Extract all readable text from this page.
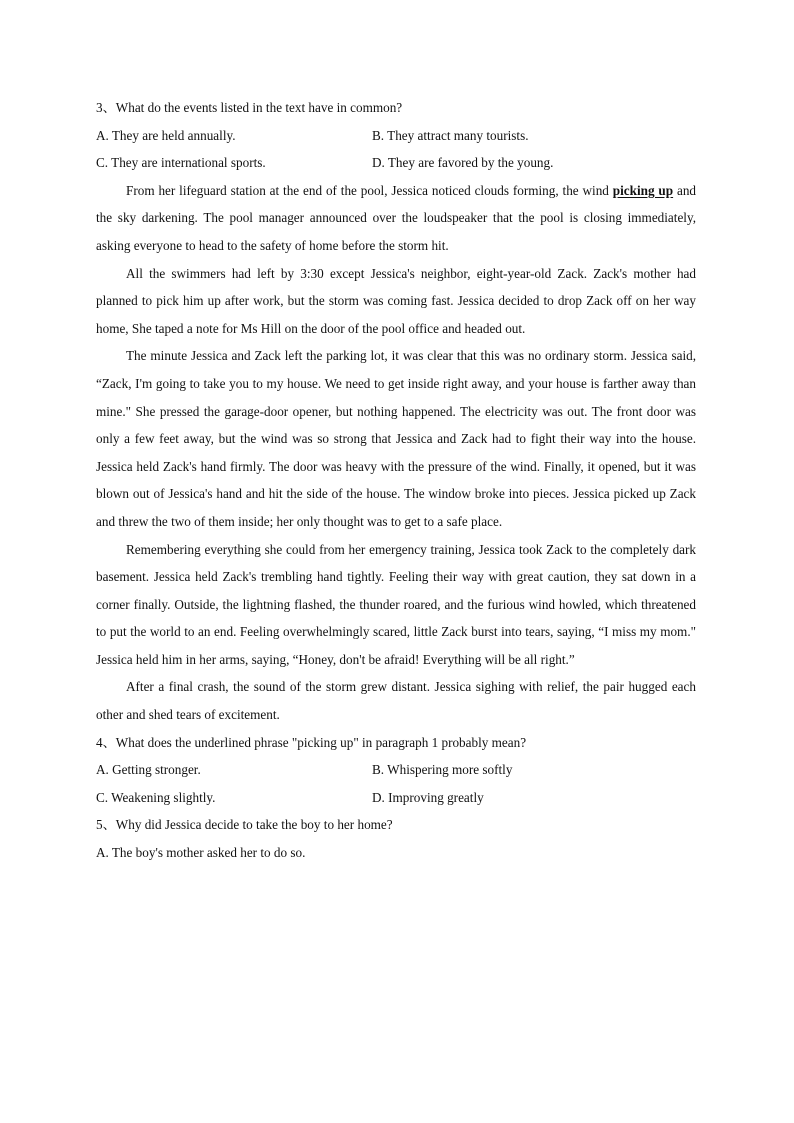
3、What do the events listed in the text have in common?

A. They are held annually.	B. They attract many tourists.

C. They are international sports.	D. They are favored by the young.

From her lifeguard station at the end of the pool, Jessica noticed clouds forming, the wind picking up and the sky darkening. The pool manager announced over the loudspeaker that the pool is closing immediately, asking everyone to head to the safety of home before the storm hit.

All the swimmers had left by 3:30 except Jessica's neighbor, eight-year-old Zack. Zack's mother had planned to pick him up after work, but the storm was coming fast. Jessica decided to drop Zack off on her way home, She taped a note for Ms Hill on the door of the pool office and headed out.

The minute Jessica and Zack left the parking lot, it was clear that this was no ordinary storm. Jessica said, “Zack, I'm going to take you to my house. We need to get inside right away, and your house is farther away than mine." She pressed the garage-door opener, but nothing happened. The electricity was out. The front door was only a few feet away, but the wind was so strong that Jessica and Zack had to fight their way into the house. Jessica held Zack's hand firmly. The door was heavy with the pressure of the wind. Finally, it opened, but it was blown out of Jessica's hand and hit the side of the house. The window broke into pieces. Jessica picked up Zack and threw the two of them inside; her only thought was to get to a safe place.

Remembering everything she could from her emergency training, Jessica took Zack to the completely dark basement. Jessica held Zack's trembling hand tightly. Feeling their way with great caution, they sat down in a corner finally. Outside, the lightning flashed, the thunder roared, and the furious wind howled, which threatened to put the world to an end. Feeling overwhelmingly scared, little Zack burst into tears, saying, “I miss my mom." Jessica held him in her arms, saying, “Honey, don't be afraid! Everything will be all right.”

After a final crash, the sound of the storm grew distant. Jessica sighing with relief, the pair hugged each other and shed tears of excitement.

4、What does the underlined phrase "picking up" in paragraph 1 probably mean?

A. Getting stronger.	B. Whispering more softly

C. Weakening slightly.	D. Improving greatly

5、Why did Jessica decide to take the boy to her home?

A. The boy's mother asked her to do so.
